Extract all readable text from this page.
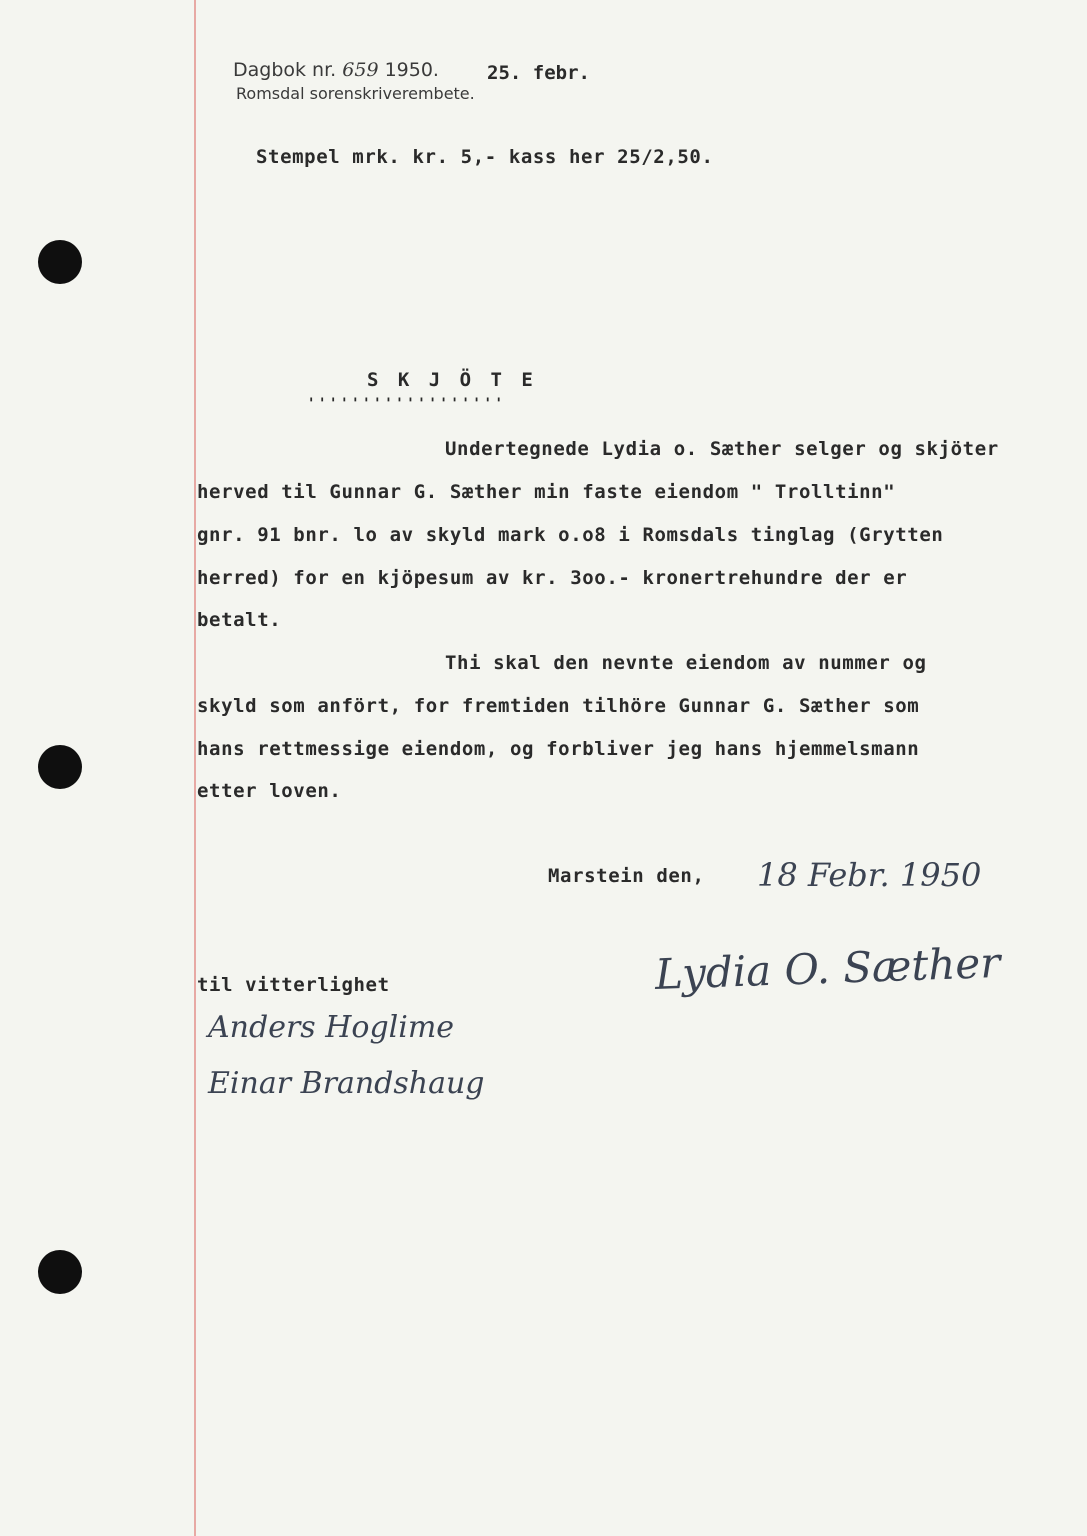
Dagbok nr. 659 1950.	25. febr.
Romsdal sorenskriverembete.
Stempel mrk. kr. 5,- kass her 25/2,50.
S K J Ö T E
''''''''''''''''''
Undertegnede Lydia o. Sæther selger og skjöter
herved til Gunnar G. Sæther min faste eiendom " Trolltinn"
gnr. 91 bnr. lo av skyld mark o.o8 i Romsdals tinglag (Grytten
herred) for en kjöpesum av kr. 3oo.- kronertrehundre der er
betalt.
Thi skal den nevnte eiendom av nummer og
skyld som anfört, for fremtiden tilhöre Gunnar G. Sæther som
hans rettmessige eiendom, og forbliver jeg hans hjemmelsmann
etter loven.
Marstein den, 18 Febr. 1950
Lydia O. Sæther
til vitterlighet
Anders Hoglime
Einar Brandshaug
